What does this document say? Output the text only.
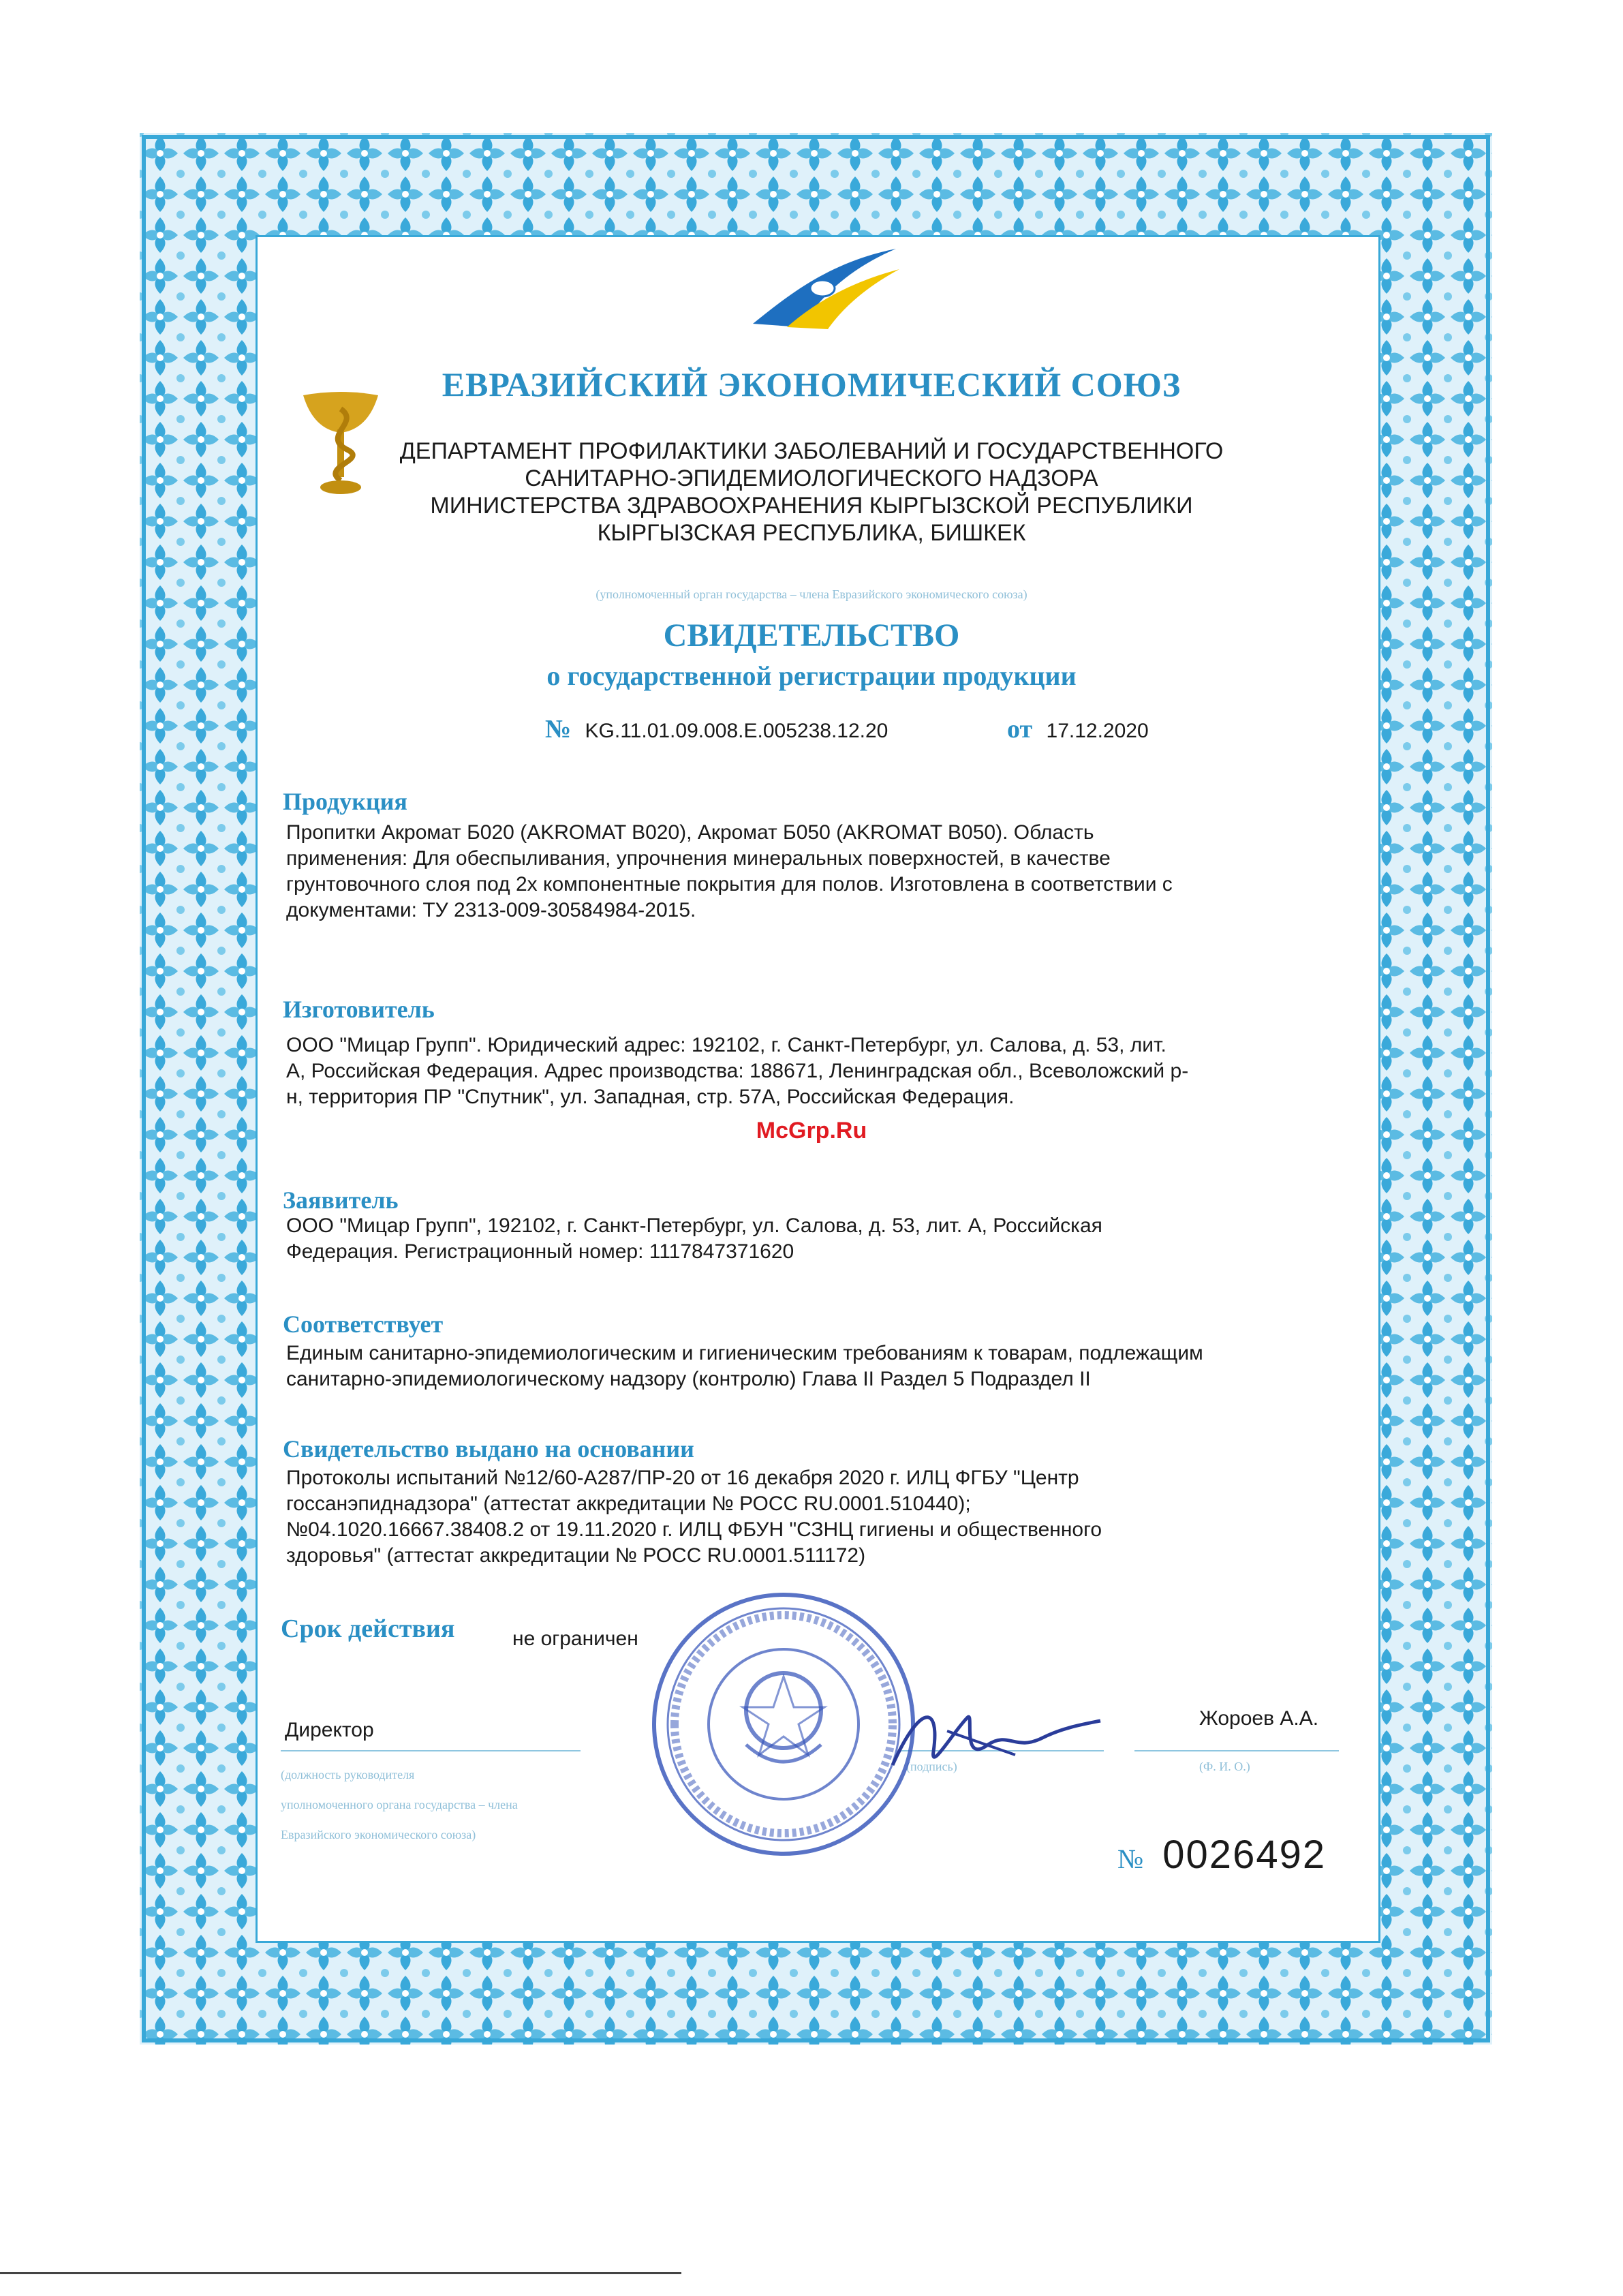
ЕВРАЗИЙСКИЙ ЭКОНОМИЧЕСКИЙ СОЮЗ
ДЕПАРТАМЕНТ ПРОФИЛАКТИКИ ЗАБОЛЕВАНИЙ И ГОСУДАРСТВЕННОГО
САНИТАРНО-ЭПИДЕМИОЛОГИЧЕСКОГО НАДЗОРА
МИНИСТЕРСТВА ЗДРАВООХРАНЕНИЯ КЫРГЫЗСКОЙ РЕСПУБЛИКИ
КЫРГЫЗСКАЯ РЕСПУБЛИКА, БИШКЕК
(уполномоченный орган государства – члена Евразийского экономического союза)
СВИДЕТЕЛЬСТВО
о государственной регистрации продукции
№ KG.11.01.09.008.E.005238.12.20	от 17.12.2020
Продукция
Пропитки Акромат Б020 (AKROMAT B020), Акромат Б050 (AKROMAT B050). Область
применения: Для обеспыливания, упрочнения минеральных поверхностей, в качестве
грунтовочного слоя под 2х компонентные покрытия для полов. Изготовлена в соответствии с
документами: ТУ 2313-009-30584984-2015.
Изготовитель
ООО "Мицар Групп". Юридический адрес: 192102, г. Санкт-Петербург, ул. Салова, д. 53, лит.
А, Российская Федерация. Адрес производства: 188671, Ленинградская обл., Всеволожский р-
н, территория ПР "Спутник", ул. Западная, стр. 57А, Российская Федерация.
McGrp.Ru
Заявитель
ООО "Мицар Групп", 192102, г. Санкт-Петербург, ул. Салова, д. 53, лит. А, Российская
Федерация. Регистрационный номер: 1117847371620
Соответствует
Единым санитарно-эпидемиологическим и гигиеническим требованиям к товарам, подлежащим
санитарно-эпидемиологическому надзору (контролю) Глава II Раздел 5 Подраздел II
Свидетельство выдано на основании
Протоколы испытаний №12/60-А287/ПР-20 от 16 декабря 2020 г. ИЛЦ ФГБУ "Центр
госсанэпиднадзора" (аттестат аккредитации № РОСС RU.0001.510440);
№04.1020.16667.38408.2 от 19.11.2020 г. ИЛЦ ФБУН "СЗНЦ гигиены и общественного
здоровья" (аттестат аккредитации № РОСС RU.0001.511172)
Срок действия	не ограничен
Директор
(должность руководителя
уполномоченного органа государства – члена
Евразийского экономического союза)
(подпись)
Жороев А.А.
(Ф. И. О.)
№ 0026492
